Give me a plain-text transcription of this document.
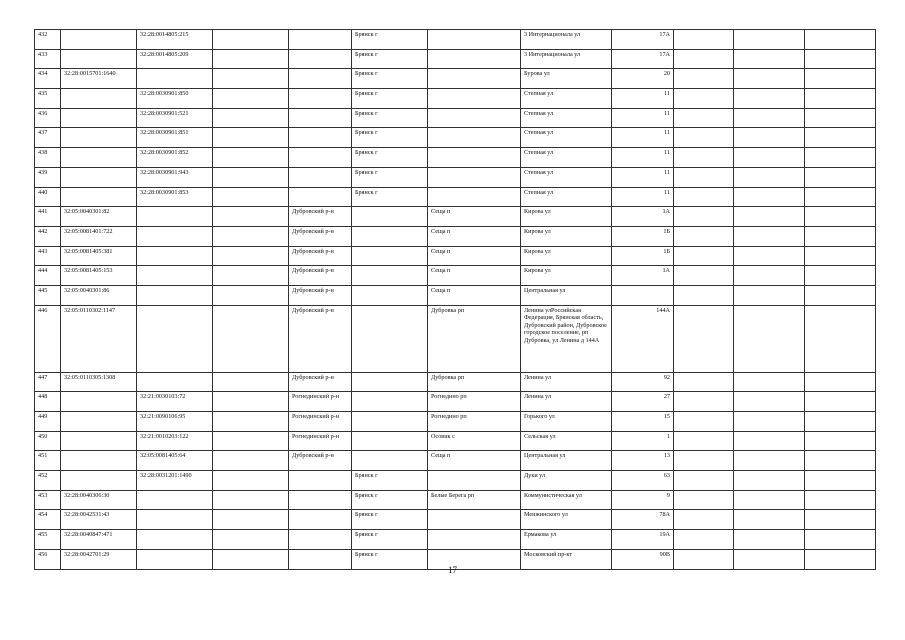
432		32:28:0014805:215			Брянск г		3 Интернационала ул	17А			
433		32:28:0014805:209			Брянск г		3 Интернационала ул	17А			
434	32:28:0015701:1640				Брянск г		Бурова ул	20			
435		32:28:0030901:850			Брянск г		Степная ул	11			
436		32:28:0030901:521			Брянск г		Степная ул	11			
437		32:28:0030901:851			Брянск г		Степная ул	11			
438		32:28:0030901:852			Брянск г		Степная ул	11			
439		32:28:0030901:943			Брянск г		Степная ул	11			
440		32:28:0030901:853			Брянск г		Степная ул	11			
441	32:05:0040301:82			Дубровский р-н		Сещa п	Кирова ул	1А			
442	32:05:0081401:722			Дубровский р-н		Сеща п	Кирова ул	1Б			
443	32:05:0081405:381			Дубровский р-н		Сеща п	Кирова ул	1Б			
444	32:05:0081405:153			Дубровский р-н		Сеща п	Кирова ул	1А			
445	32:05:0040301:86			Дубровский р-н		Сеща п	Центральная ул				
446	32:05:0110302:1147			Дубровский р-н		Дубровка рп	Ленина улРоссийская Федерация, Брянская область, Дубровский район, Дубровское городское поселение, рп Дубровка, ул Ленина д 144А	144А			
447	32:05:0110305:1308			Дубровский р-н		Дубровка рп	Ленина ул	92			
448		32:21:0030103:72		Рогнединский р-н		Рогнедино рп	Ленина ул	27			
449		32:21:0090106:95		Рогнединский р-н		Рогнедино рп	Горького ул	15			
450		32:21:0010203:122		Рогнединский р-н		Осовик с	Сельская ул	1			
451		32:05:0081405:64		Дубровский р-н		Сеща п	Центральная ул	13			
452		32:28:0031201:1490			Брянск г		Дуки ул	63			
453	32:28:0040306:30				Брянск г	Белые Берега рп	Коммунистическая ул	9			
454	32:28:0042531:43				Брянск г		Менжинского ул	78А			
455	32:28:0040847:471				Брянск г		Ермакова ул	19А			
456	32:28:0042701:29				Брянск г		Московский пр-кт	90В			
17
